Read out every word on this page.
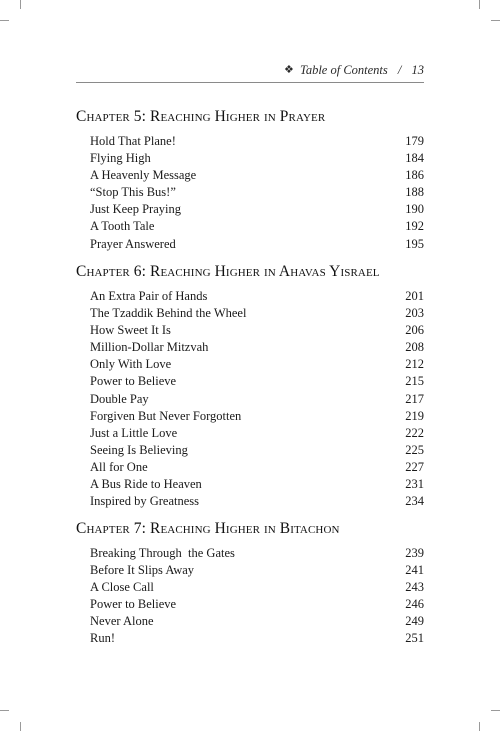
❖ Table of Contents / 13
Chapter 5: Reaching Higher in Prayer
Hold That Plane!	179
Flying High	184
A Heavenly Message	186
“Stop This Bus!”	188
Just Keep Praying	190
A Tooth Tale	192
Prayer Answered	195
Chapter 6: Reaching Higher in Ahavas Yisrael
An Extra Pair of Hands	201
The Tzaddik Behind the Wheel	203
How Sweet It Is	206
Million-Dollar Mitzvah	208
Only With Love	212
Power to Believe	215
Double Pay	217
Forgiven But Never Forgotten	219
Just a Little Love	222
Seeing Is Believing	225
All for One	227
A Bus Ride to Heaven	231
Inspired by Greatness	234
Chapter 7: Reaching Higher in Bitachon
Breaking Through  the Gates	239
Before It Slips Away	241
A Close Call	243
Power to Believe	246
Never Alone	249
Run!	251
